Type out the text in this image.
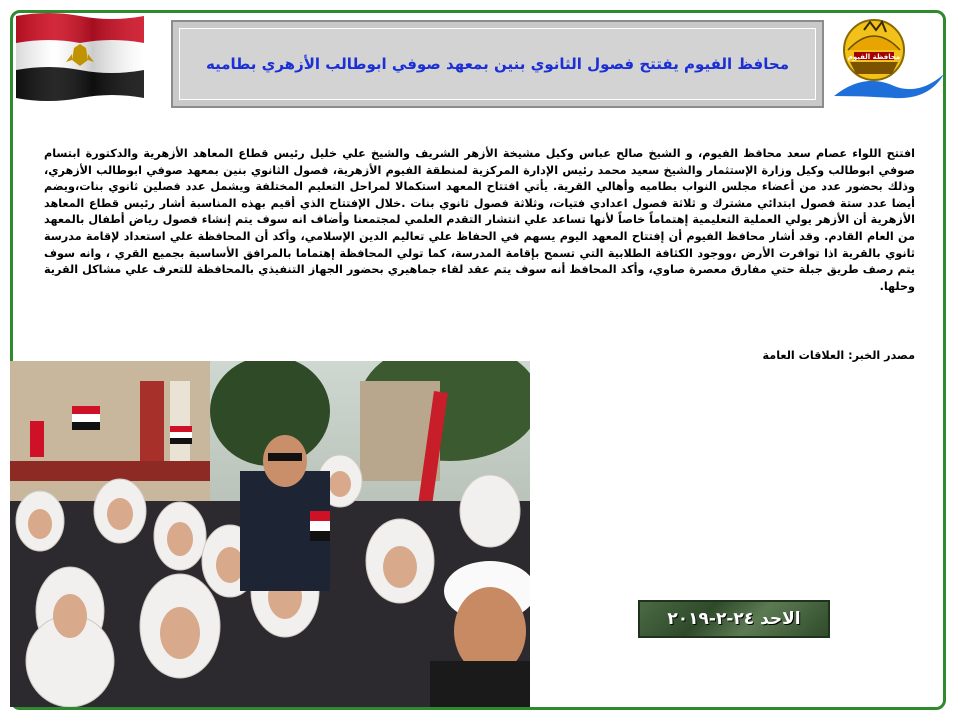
محافظة الفيوم
محافظ الفيوم يفتتح فصول الثانوي بنين بمعهد صوفي ابوطالب الأزهري بطاميه
افتتح اللواء عصام سعد محافظ الفيوم، و الشيخ صالح عباس وكيل مشيخة الأزهر الشريف والشيخ علي خليل رئيس قطاع المعاهد الأزهرية والدكتورة ابتسام صوفي ابوطالب وكيل وزارة الإستثمار والشيخ سعيد محمد رئيس الإدارة المركزية لمنطقة الفيوم الأزهرية، فصول الثانوي بنين بمعهد صوفي ابوطالب الأزهري، وذلك بحضور عدد من أعضاء مجلس النواب بطاميه وأهالي القرية. يأتي افتتاح المعهد استكمالا لمراحل التعليم المختلفة ويشمل عدد فصلين ثانوي بنات،ويضم أيضا عدد ستة فصول ابتدائي مشترك و ثلاثة فصول اعدادي فتيات، وثلاثة فصول ثانوي بنات .خلال الإفتتاح الذي أقيم بهذه المناسبة أشار رئيس قطاع المعاهد الأزهرية أن الأزهر يولي العملية التعليمية إهتماماً خاصاً لأنها تساعد علي انتشار التقدم العلمي لمجتمعنا وأضاف انه سوف يتم إنشاء فصول رياض أطفال بالمعهد من العام القادم. وقد أشار محافظ الفيوم أن إفتتاح المعهد اليوم يسهم في الحفاظ علي تعاليم الدين الإسلامي، وأكد أن المحافظة علي استعداد لإقامة مدرسة ثانوي بالقرية اذا توافرت الأرض ،ووجود الكثافة الطلابية التي تسمح بإقامة المدرسة، كما تولي المحافظة إهتماما بالمرافق الأساسية بجميع القري ، وانه سوف يتم رصف طريق جبلة حتي مفارق معصرة صاوي، وأكد المحافظ أنه سوف يتم عقد لقاء جماهيري بحضور الجهاز التنفيذي بالمحافظة للتعرف علي مشاكل القرية وحلها.
مصدر الخبر: العلاقات العامة
الاحد ٢٤-٢-٢٠١٩
